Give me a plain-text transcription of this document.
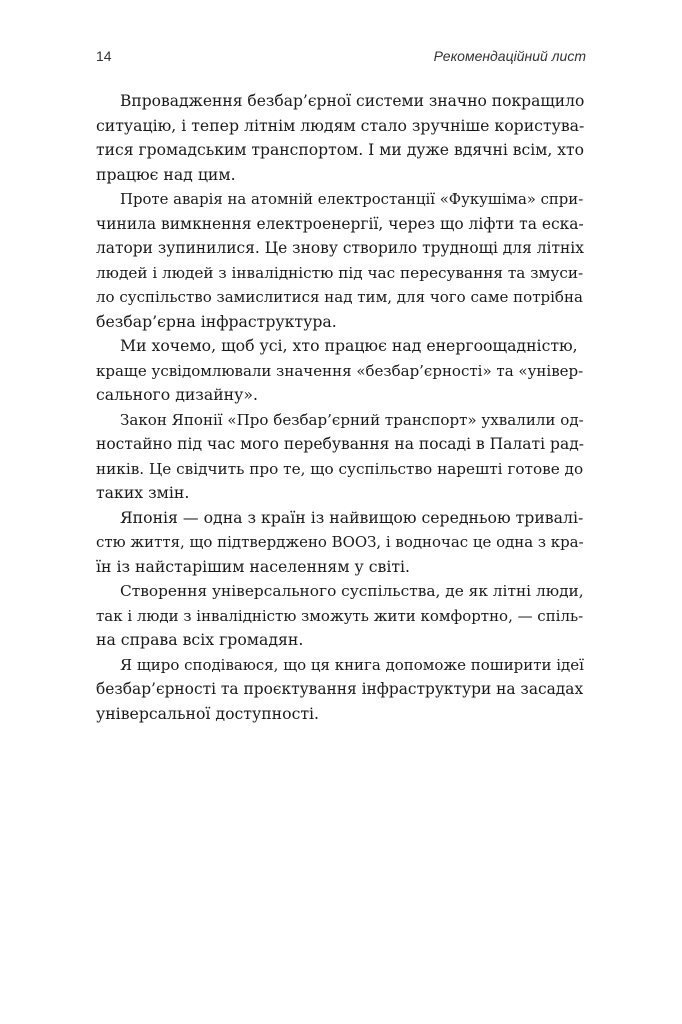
14	Рекомендаційний лист
Впровадження безбар’єрної системи значно покращило
ситуацію, і тепер літнім людям стало зручніше користува-
тися громадським транспортом. І ми дуже вдячні всім, хто
працює над цим.
Проте аварія на атомній електростанції «Фукушіма» спри-
чинила вимкнення електроенергії, через що ліфти та еска-
латори зупинилися. Це знову створило труднощі для літніх
людей і людей з інвалідністю під час пересування та змуси-
ло суспільство замислитися над тим, для чого саме потрібна
безбар’єрна інфраструктура.
Ми хочемо, щоб усі, хто працює над енергоощадністю,
краще усвідомлювали значення «безбар’єрності» та «універ-
сального дизайну».
Закон Японії «Про безбар’єрний транспорт» ухвалили од-
ностайно під час мого перебування на посаді в Палаті рад-
ників. Це свідчить про те, що суспільство нарешті готове до
таких змін.
Японія — одна з країн із найвищою середньою тривалі-
стю життя, що підтверджено ВООЗ, і водночас це одна з кра-
їн із найстарішим населенням у світі.
Створення універсального суспільства, де як літні люди,
так і люди з інвалідністю зможуть жити комфортно, — спіль-
на справа всіх громадян.
Я щиро сподіваюся, що ця книга допоможе поширити ідеї
безбар’єрності та проєктування інфраструктури на засадах
універсальної доступності.
